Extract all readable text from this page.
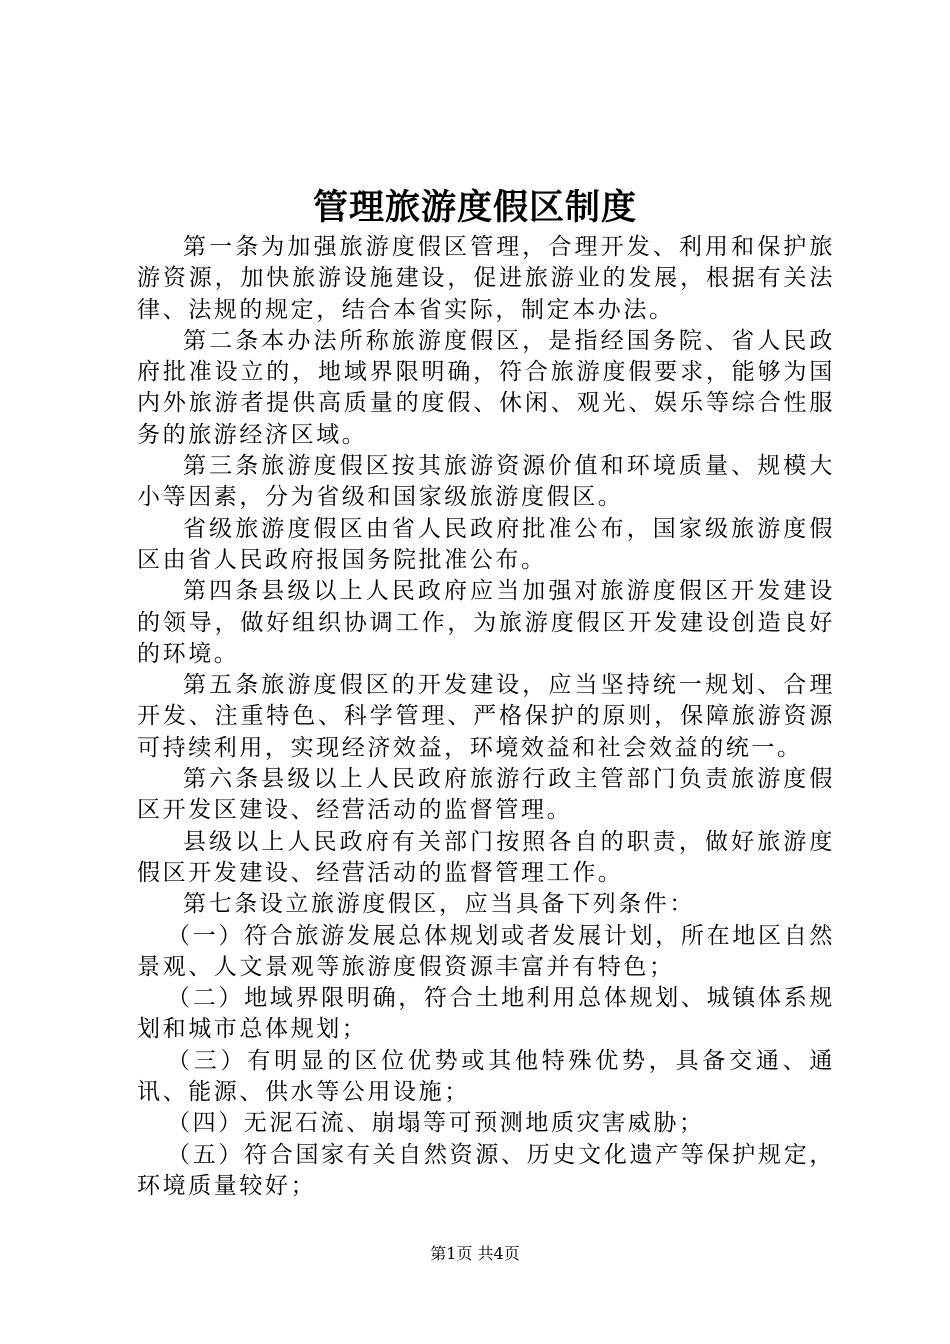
管理旅游度假区制度

第一条为加强旅游度假区管理，合理开发、利用和保护旅游资源，加快旅游设施建设，促进旅游业的发展，根据有关法律、法规的规定，结合本省实际，制定本办法。

第二条本办法所称旅游度假区，是指经国务院、省人民政府批准设立的，地域界限明确，符合旅游度假要求，能够为国内外旅游者提供高质量的度假、休闲、观光、娱乐等综合性服务的旅游经济区域。

第三条旅游度假区按其旅游资源价值和环境质量、规模大小等因素，分为省级和国家级旅游度假区。

省级旅游度假区由省人民政府批准公布，国家级旅游度假区由省人民政府报国务院批准公布。

第四条县级以上人民政府应当加强对旅游度假区开发建设的领导，做好组织协调工作，为旅游度假区开发建设创造良好的环境。

第五条旅游度假区的开发建设，应当坚持统一规划、合理开发、注重特色、科学管理、严格保护的原则，保障旅游资源可持续利用，实现经济效益，环境效益和社会效益的统一。

第六条县级以上人民政府旅游行政主管部门负责旅游度假区开发区建设、经营活动的监督管理。

县级以上人民政府有关部门按照各自的职责，做好旅游度假区开发建设、经营活动的监督管理工作。

第七条设立旅游度假区，应当具备下列条件：

（一）符合旅游发展总体规划或者发展计划，所在地区自然景观、人文景观等旅游度假资源丰富并有特色；

（二）地域界限明确，符合土地利用总体规划、城镇体系规划和城市总体规划；

（三）有明显的区位优势或其他特殊优势，具备交通、通讯、能源、供水等公用设施；

（四）无泥石流、崩塌等可预测地质灾害威胁；

（五）符合国家有关自然资源、历史文化遗产等保护规定，环境质量较好；

第1页 共4页
